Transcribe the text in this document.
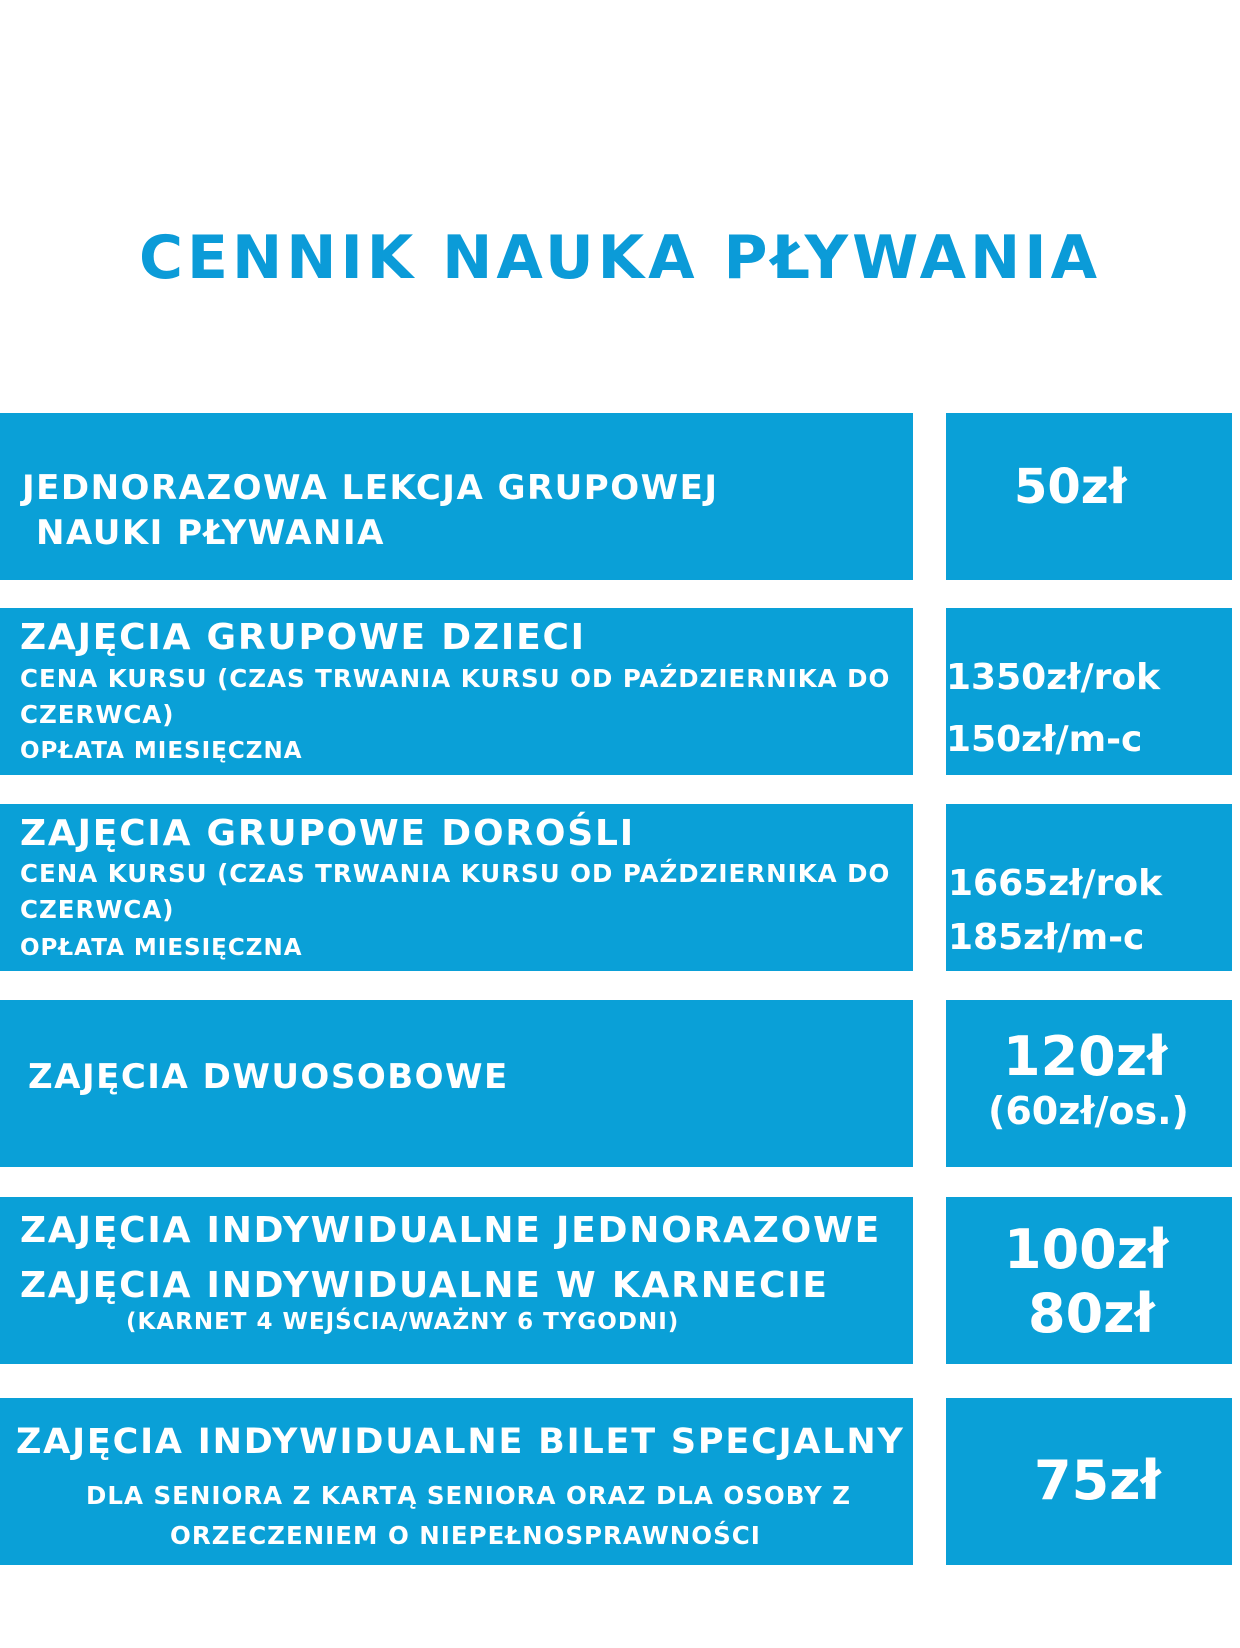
CENNIK NAUKA PŁYWANIA
JEDNORAZOWA LEKCJA GRUPOWEJ
NAUKI PŁYWANIA
50zł
ZAJĘCIA GRUPOWE DZIECI
CENA KURSU (CZAS TRWANIA KURSU OD PAŹDZIERNIKA DO
CZERWCA)
OPŁATA MIESIĘCZNA
1350zł/rok
150zł/m-c
ZAJĘCIA GRUPOWE DOROŚLI
CENA KURSU (CZAS TRWANIA KURSU OD PAŹDZIERNIKA DO
CZERWCA)
OPŁATA MIESIĘCZNA
1665zł/rok
185zł/m-c
ZAJĘCIA DWUOSOBOWE	120zł
(60zł/os.)
ZAJĘCIA INDYWIDUALNE JEDNORAZOWE
ZAJĘCIA INDYWIDUALNE W KARNECIE
(KARNET 4 WEJŚCIA/WAŻNY 6 TYGODNI)
100zł
80zł
ZAJĘCIA INDYWIDUALNE BILET SPECJALNY
DLA SENIORA Z KARTĄ SENIORA ORAZ DLA OSOBY Z
ORZECZENIEM O NIEPEŁNOSPRAWNOŚCI
75zł
